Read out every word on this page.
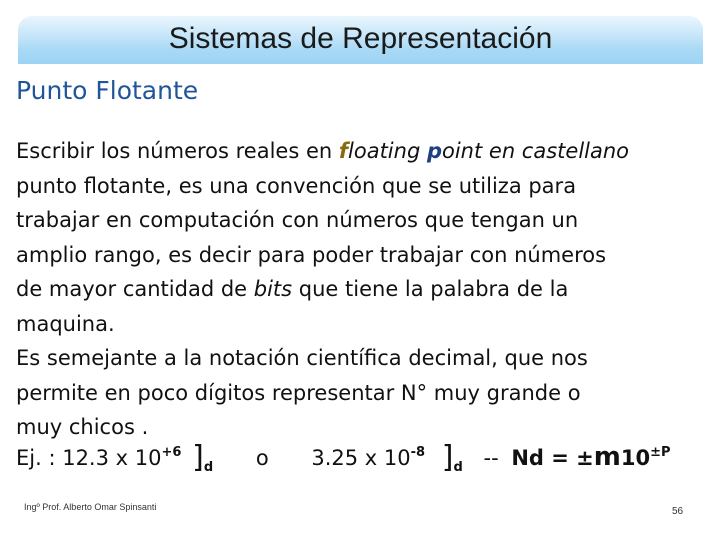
Sistemas de Representación
Punto Flotante

Escribir los números reales en floating point en castellano

punto flotante, es una convención que se utiliza para

trabajar en computación con números que tengan un

amplio rango, es decir para poder trabajar con números

de mayor cantidad de bits que tiene la palabra de la

maquina.

Es semejante a la notación científica decimal, que nos

permite en poco dígitos representar N° muy grande o

muy chicos .

Ej. : 12.3 x 10+6 ]d o 3.25 x 10-8 ]d -- Nd = ±m10±P
Ingº Prof. Alberto Omar Spinsanti	56
